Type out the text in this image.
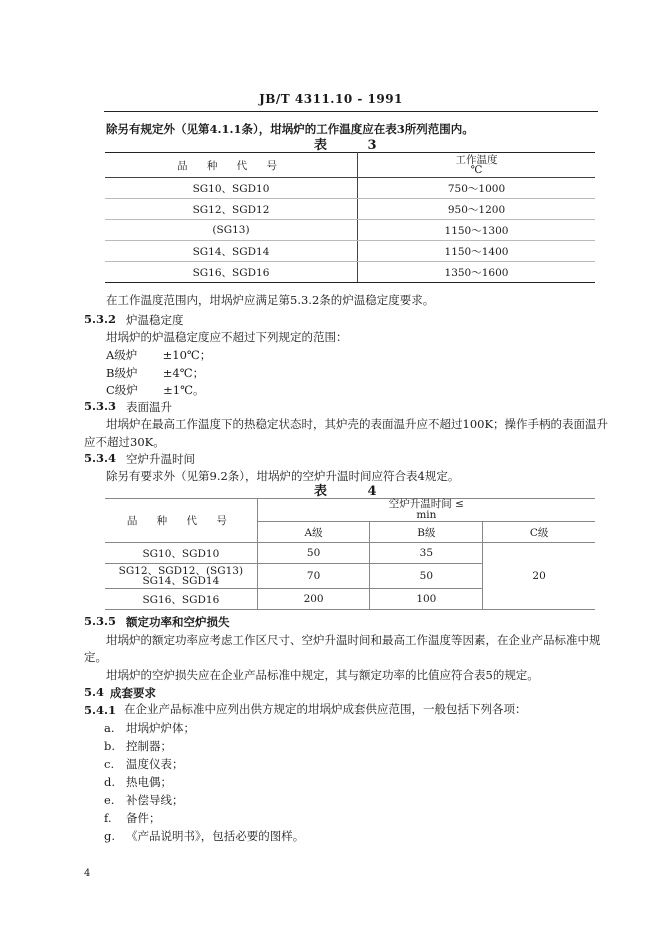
JB/T 4311.10 - 1991
除另有规定外（见第4.1.1条），坩埚炉的工作温度应在表3所列范围内。
表 3
品 种 代 号	工作温度
℃

SG10、SGD10	750～1000
SG12、SGD12	950～1200
(SG13)	1150～1300
SG14、SGD14	1150～1400
SG16、SGD16	1350～1600
在工作温度范围内，坩埚炉应满足第5.3.2条的炉温稳定度要求。
5.3.2 炉温稳定度
坩埚炉的炉温稳定度应不超过下列规定的范围：
A级炉 ±10℃；
B级炉 ±4℃；
C级炉 ±1℃。
5.3.3 表面温升
坩埚炉在最高工作温度下的热稳定状态时，其炉壳的表面温升应不超过100K；操作手柄的表面温升
应不超过30K。
5.3.4 空炉升温时间
除另有要求外（见第9.2条），坩埚炉的空炉升温时间应符合表4规定。
表 4
品 种 代 号	空炉升温时间 ≤
min		

	A级	B级	C级
SG10、SGD10	50	35	20

SG12、SGD12、(SG13)
SG14、SGD14	70	50	
SG16、SGD16	200	100	
5.3.5 额定功率和空炉损失
坩埚炉的额定功率应考虑工作区尺寸、空炉升温时间和最高工作温度等因素，在企业产品标准中规
定。
坩埚炉的空炉损失应在企业产品标准中规定，其与额定功率的比值应符合表5的规定。
5.4 成套要求
5.4.1 在企业产品标准中应列出供方规定的坩埚炉成套供应范围，一般包括下列各项：
a. 坩埚炉炉体；
b. 控制器；
c. 温度仪表；
d. 热电偶；
e. 补偿导线；
f. 备件；
g. 《产品说明书》，包括必要的图样。
4
